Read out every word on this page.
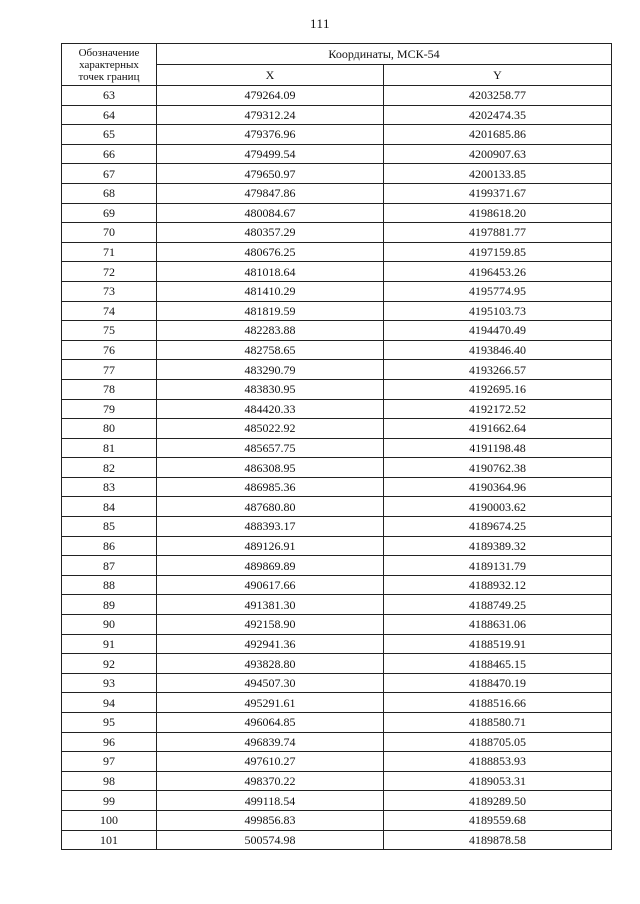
111
Обозначение
характерных
точек границ	Координаты, МСК-54	
	X	Y
63	479264.09	4203258.77
64	479312.24	4202474.35
65	479376.96	4201685.86
66	479499.54	4200907.63
67	479650.97	4200133.85
68	479847.86	4199371.67
69	480084.67	4198618.20
70	480357.29	4197881.77
71	480676.25	4197159.85
72	481018.64	4196453.26
73	481410.29	4195774.95
74	481819.59	4195103.73
75	482283.88	4194470.49
76	482758.65	4193846.40
77	483290.79	4193266.57
78	483830.95	4192695.16
79	484420.33	4192172.52
80	485022.92	4191662.64
81	485657.75	4191198.48
82	486308.95	4190762.38
83	486985.36	4190364.96
84	487680.80	4190003.62
85	488393.17	4189674.25
86	489126.91	4189389.32
87	489869.89	4189131.79
88	490617.66	4188932.12
89	491381.30	4188749.25
90	492158.90	4188631.06
91	492941.36	4188519.91
92	493828.80	4188465.15
93	494507.30	4188470.19
94	495291.61	4188516.66
95	496064.85	4188580.71
96	496839.74	4188705.05
97	497610.27	4188853.93
98	498370.22	4189053.31
99	499118.54	4189289.50
100	499856.83	4189559.68
101	500574.98	4189878.58
